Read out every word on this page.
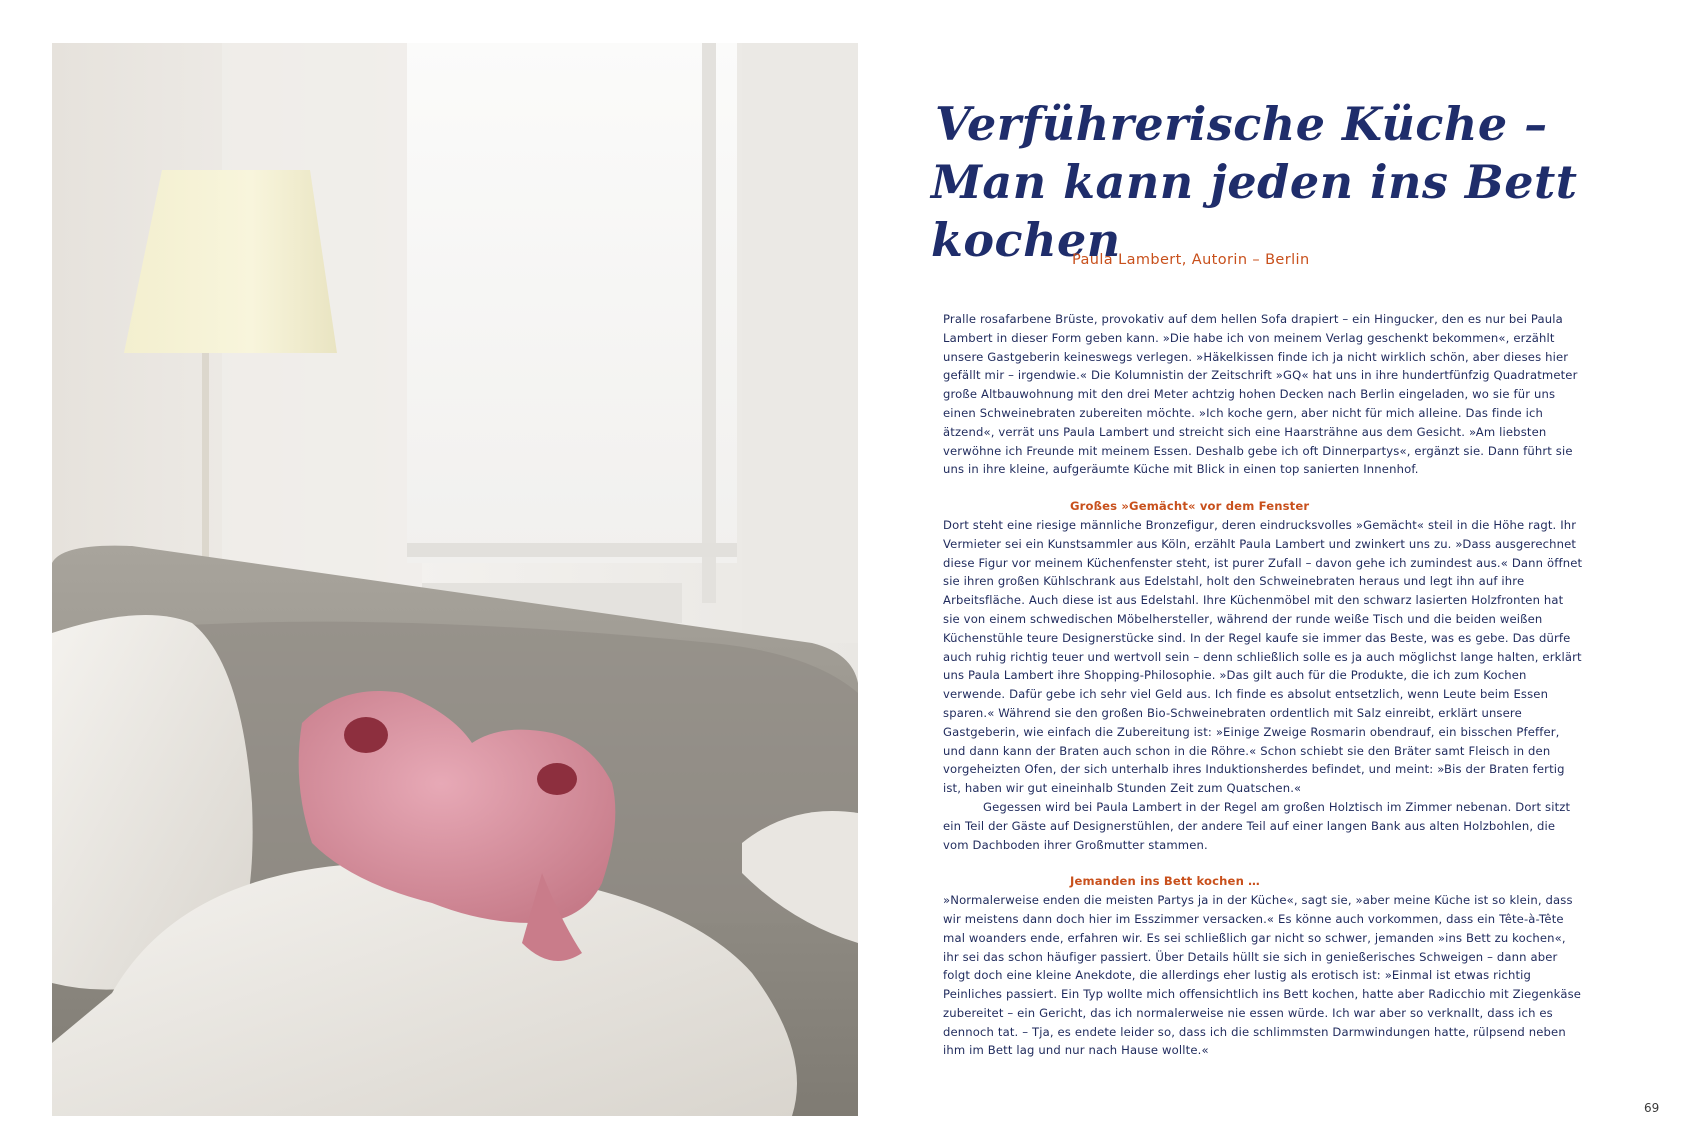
Verführerische Küche –
Man kann jeden ins Bett kochen

Paula Lambert, Autorin – Berlin

Pralle rosafarbene Brüste, provokativ auf dem hellen Sofa drapiert – ein Hingucker, den es nur bei Paula Lambert in dieser Form geben kann. »Die habe ich von meinem Verlag geschenkt bekommen«, erzählt unsere Gastgeberin keineswegs verlegen. »Häkelkissen finde ich ja nicht wirklich schön, aber dieses hier gefällt mir – irgendwie.« Die Kolumnistin der Zeitschrift »GQ« hat uns in ihre hundertfünfzig Quadratmeter große Altbauwohnung mit den drei Meter achtzig hohen Decken nach Berlin eingeladen, wo sie für uns einen Schweinebraten zubereiten möchte. »Ich koche gern, aber nicht für mich alleine. Das finde ich ätzend«, verrät uns Paula Lambert und streicht sich eine Haarsträhne aus dem Gesicht. »Am liebsten verwöhne ich Freunde mit meinem Essen. Deshalb gebe ich oft Dinnerpartys«, ergänzt sie. Dann führt sie uns in ihre kleine, aufgeräumte Küche mit Blick in einen top sanierten Innenhof.

Großes »Gemächt« vor dem Fenster

Dort steht eine riesige männliche Bronzefigur, deren eindrucksvolles »Gemächt« steil in die Höhe ragt. Ihr Vermieter sei ein Kunstsammler aus Köln, erzählt Paula Lambert und zwinkert uns zu. »Dass ausgerechnet diese Figur vor meinem Küchenfenster steht, ist purer Zufall – davon gehe ich zumindest aus.« Dann öffnet sie ihren großen Kühlschrank aus Edelstahl, holt den Schweinebraten heraus und legt ihn auf ihre Arbeitsfläche. Auch diese ist aus Edelstahl. Ihre Küchenmöbel mit den schwarz lasierten Holzfronten hat sie von einem schwedischen Möbelhersteller, während der runde weiße Tisch und die beiden weißen Küchenstühle teure Designerstücke sind. In der Regel kaufe sie immer das Beste, was es gebe. Das dürfe auch ruhig richtig teuer und wertvoll sein – denn schließlich solle es ja auch möglichst lange halten, erklärt uns Paula Lambert ihre Shopping-Philosophie. »Das gilt auch für die Produkte, die ich zum Kochen verwende. Dafür gebe ich sehr viel Geld aus. Ich finde es absolut entsetzlich, wenn Leute beim Essen sparen.« Während sie den großen Bio-Schweinebraten ordentlich mit Salz einreibt, erklärt unsere Gastgeberin, wie einfach die Zubereitung ist: »Einige Zweige Rosmarin obendrauf, ein bisschen Pfeffer, und dann kann der Braten auch schon in die Röhre.« Schon schiebt sie den Bräter samt Fleisch in den vorgeheizten Ofen, der sich unterhalb ihres Induktionsherdes befindet, und meint: »Bis der Braten fertig ist, haben wir gut eineinhalb Stunden Zeit zum Quatschen.«

Gegessen wird bei Paula Lambert in der Regel am großen Holztisch im Zimmer nebenan. Dort sitzt ein Teil der Gäste auf Designerstühlen, der andere Teil auf einer langen Bank aus alten Holzbohlen, die vom Dachboden ihrer Großmutter stammen.

Jemanden ins Bett kochen …

»Normalerweise enden die meisten Partys ja in der Küche«, sagt sie, »aber meine Küche ist so klein, dass wir meistens dann doch hier im Esszimmer versacken.« Es könne auch vorkommen, dass ein Tête-à-Tête mal woanders ende, erfahren wir. Es sei schließlich gar nicht so schwer, jemanden »ins Bett zu kochen«, ihr sei das schon häufiger passiert. Über Details hüllt sie sich in genießerisches Schweigen – dann aber folgt doch eine kleine Anekdote, die allerdings eher lustig als erotisch ist: »Einmal ist etwas richtig Peinliches passiert. Ein Typ wollte mich offensichtlich ins Bett kochen, hatte aber Radicchio mit Ziegenkäse zubereitet – ein Gericht, das ich normalerweise nie essen würde. Ich war aber so verknallt, dass ich es dennoch tat. – Tja, es endete leider so, dass ich die schlimmsten Darmwindungen hatte, rülpsend neben ihm im Bett lag und nur nach Hause wollte.«

69
